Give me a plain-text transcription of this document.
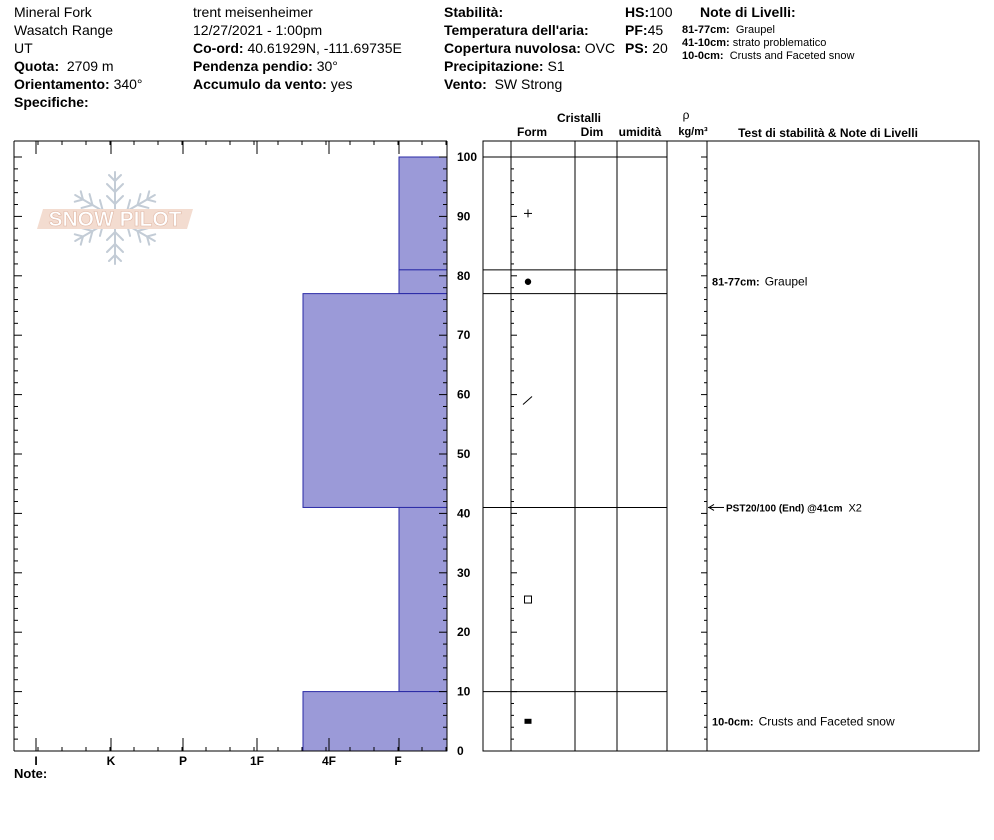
Mineral Fork
Wasatch Range
UT
Quota: 2709 m
Orientamento: 340°
Specifiche:
trent meisenheimer
12/27/2021 - 1:00pm
Co-ord: 40.61929N, -111.69735E
Pendenza pendio: 30°
Accumulo da vento: yes
Stabilità:
Temperatura dell'aria:
Copertura nuvolosa: OVC
Precipitazione: S1
Vento: SW Strong
HS:100
PF:45
PS: 20
Note di Livelli:
81-77cm: Graupel
41-10cm: strato problematico
10-0cm: Crusts and Faceted snow
SNOW PILOT
I	K	P	1F	4F	F
0
10
20
30
40
50
60
70
80
90
100
81-77cm: Graupel
PST20/100 (End) @41cm X2
10-0cm: Crusts and Faceted snow
Cristalli
Form	Dim umidità
ρ
kg/m³	Test di stabilità & Note di Livelli
Note:
